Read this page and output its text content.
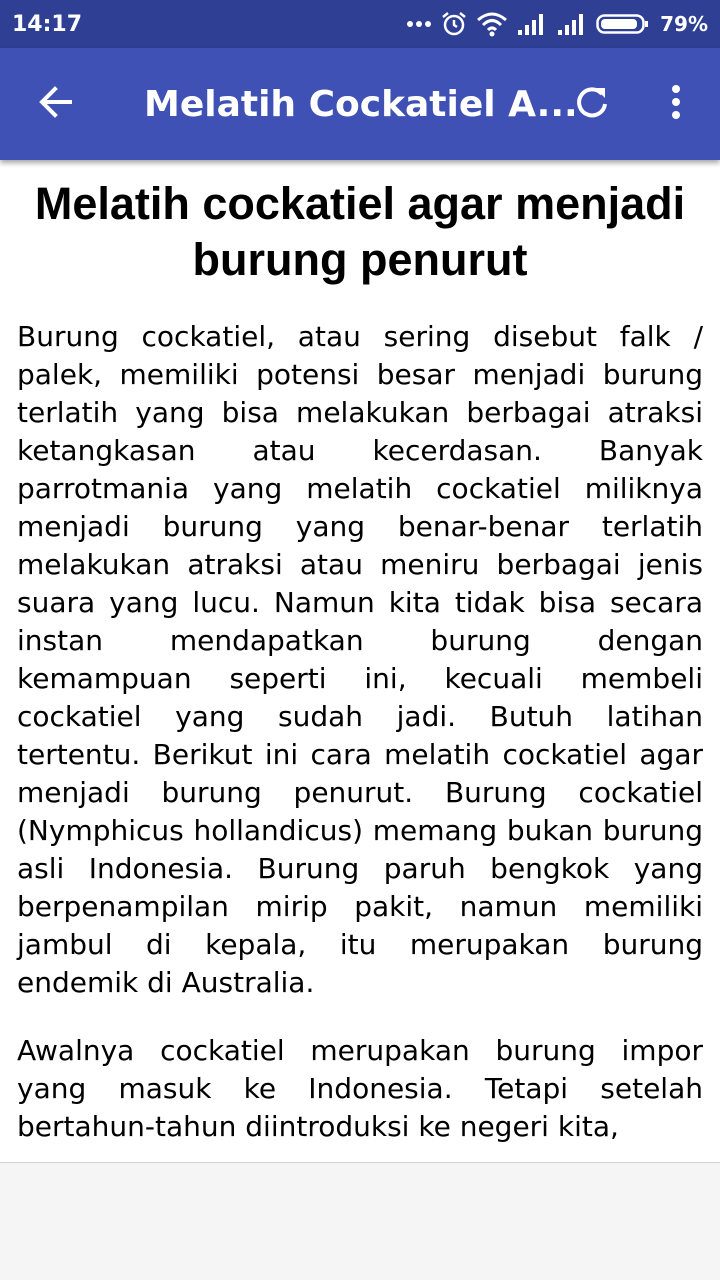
14:17	79%
Melatih Cockatiel A...
Melatih cockatiel agar menjadi burung penurut

Burung cockatiel, atau sering disebut falk / palek, memiliki potensi besar menjadi burung terlatih yang bisa melakukan berbagai atraksi ketangkasan atau kecerdasan. Banyak parrotmania yang melatih cockatiel miliknya menjadi burung yang benar-benar terlatih melakukan atraksi atau meniru berbagai jenis suara yang lucu. Namun kita tidak bisa secara instan mendapatkan burung dengan kemampuan seperti ini, kecuali membeli cockatiel yang sudah jadi. Butuh latihan tertentu. Berikut ini cara melatih cockatiel agar menjadi burung penurut. Burung cockatiel (Nymphicus hollandicus) memang bukan burung asli Indonesia. Burung paruh bengkok yang berpenampilan mirip pakit, namun memiliki jambul di kepala, itu merupakan burung endemik di Australia.

Awalnya cockatiel merupakan burung impor yang masuk ke Indonesia. Tetapi setelah bertahun-tahun diintroduksi ke negeri kita,
